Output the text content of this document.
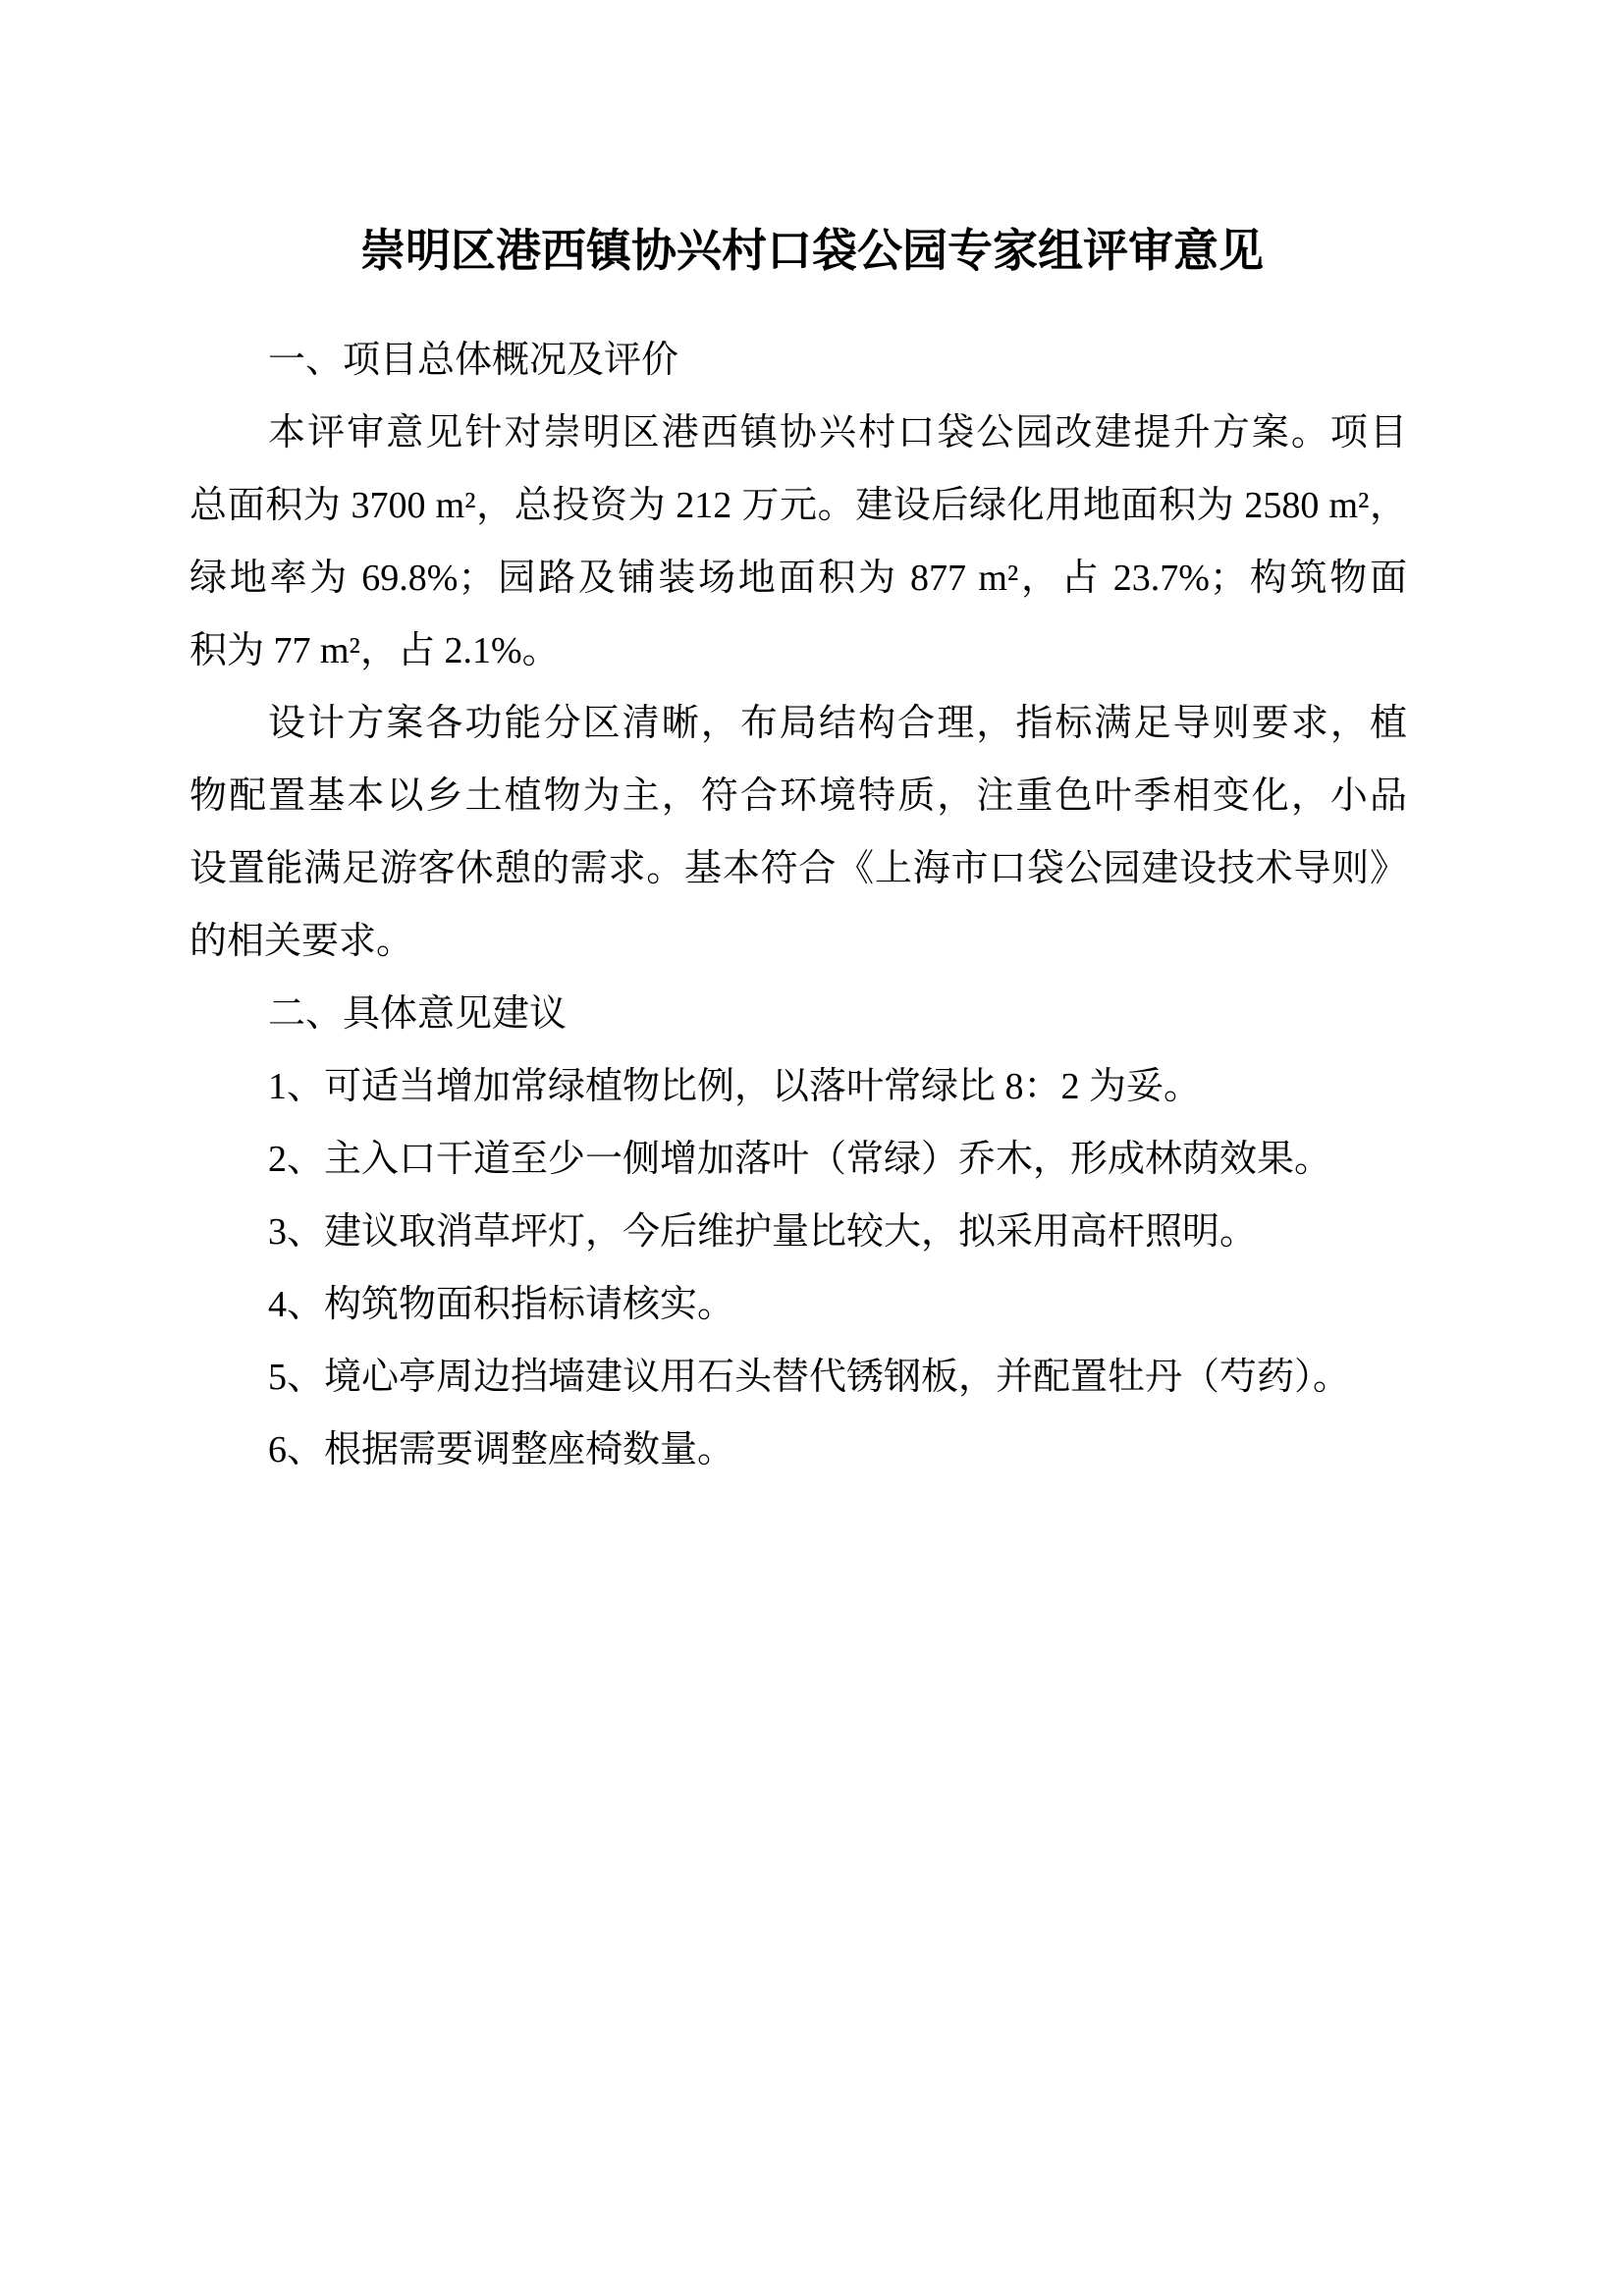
崇明区港西镇协兴村口袋公园专家组评审意见
一、项目总体概况及评价
本评审意见针对崇明区港西镇协兴村口袋公园改建提升方案。项目
总面积为 3700 m²，总投资为 212 万元。建设后绿化用地面积为 2580 m²，
绿地率为 69.8%；园路及铺装场地面积为 877 m²，占 23.7%；构筑物面
积为 77 m²，占 2.1%。
设计方案各功能分区清晰，布局结构合理，指标满足导则要求，植
物配置基本以乡土植物为主，符合环境特质，注重色叶季相变化，小品
设置能满足游客休憩的需求。基本符合《上海市口袋公园建设技术导则》
的相关要求。
二、具体意见建议
1、可适当增加常绿植物比例，以落叶常绿比 8：2 为妥。
2、主入口干道至少一侧增加落叶（常绿）乔木，形成林荫效果。
3、建议取消草坪灯，今后维护量比较大，拟采用高杆照明。
4、构筑物面积指标请核实。
5、境心亭周边挡墙建议用石头替代锈钢板，并配置牡丹（芍药）。
6、根据需要调整座椅数量。
